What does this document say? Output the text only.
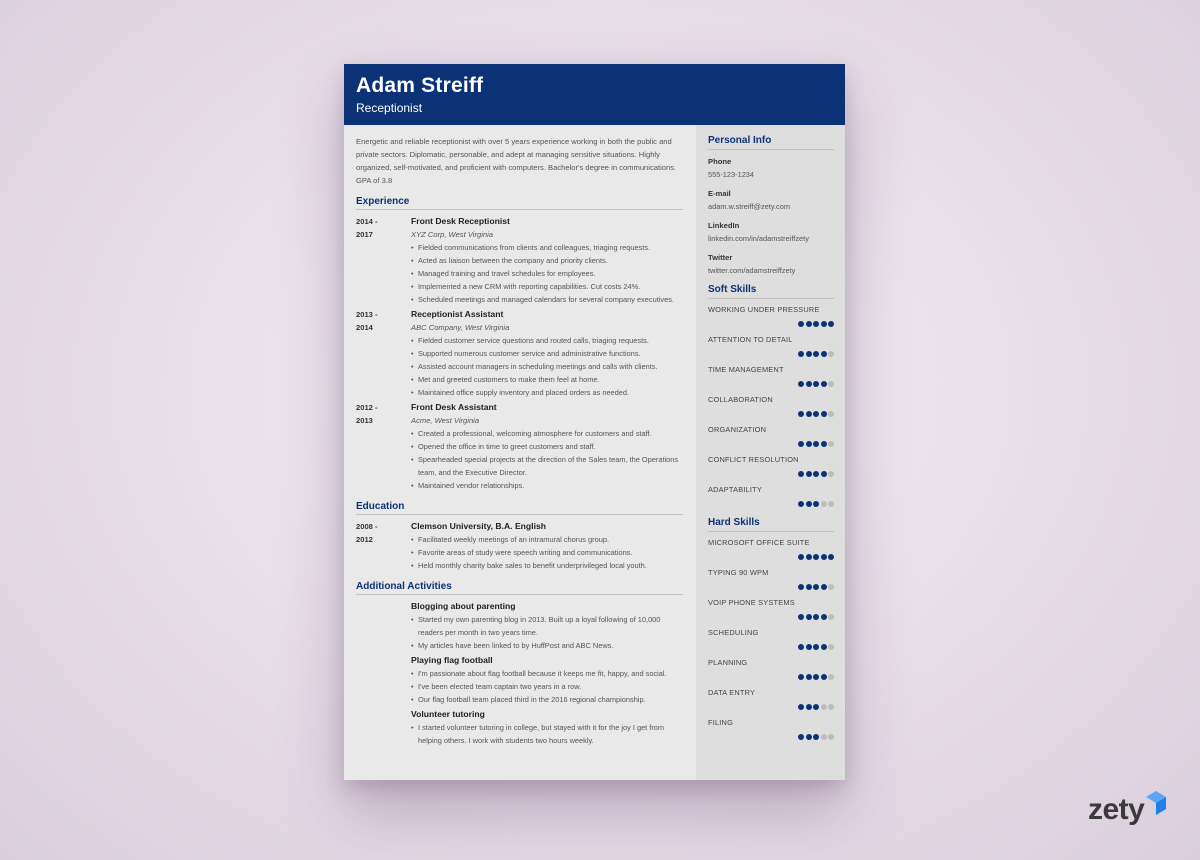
Adam Streiff
Receptionist

Energetic and reliable receptionist with over 5 years experience working in both the public and private sectors. Diplomatic, personable, and adept at managing sensitive situations. Highly organized, self-motivated, and proficient with computers. Bachelor's degree in communications. GPA of 3.8

Experience
2014 -
2017
Front Desk Receptionist
XYZ Corp, West Virginia
• Fielded communications from clients and colleagues, triaging requests.
• Acted as liaison between the company and priority clients.
• Managed training and travel schedules for employees.
• Implemented a new CRM with reporting capabilities. Cut costs 24%.
• Scheduled meetings and managed calendars for several company executives.
2013 -
2014
Receptionist Assistant
ABC Company, West Virginia
• Fielded customer service questions and routed calls, triaging requests.
• Supported numerous customer service and administrative functions.
• Assisted account managers in scheduling meetings and calls with clients.
• Met and greeted customers to make them feel at home.
• Maintained office supply inventory and placed orders as needed.
2012 -
2013
Front Desk Assistant
Acme, West Virginia
• Created a professional, welcoming atmosphere for customers and staff.
• Opened the office in time to greet customers and staff.
• Spearheaded special projects at the direction of the Sales team, the Operations team, and the Executive Director.
• Maintained vendor relationships.
Education
2008 -
2012
Clemson University, B.A. English
• Facilitated weekly meetings of an intramural chorus group.
• Favorite areas of study were speech writing and communications.
• Held monthly charity bake sales to benefit underprivileged local youth.
Additional Activities
Blogging about parenting
• Started my own parenting blog in 2013. Built up a loyal following of 10,000 readers per month in two years time.
• My articles have been linked to by HuffPost and ABC News.
Playing flag football
• I'm passionate about flag football because it keeps me fit, happy, and social.
• I've been elected team captain two years in a row.
• Our flag football team placed third in the 2016 regional championship.
Volunteer tutoring
• I started volunteer tutoring in college, but stayed with it for the joy I get from helping others. I work with students two hours weekly.
Personal Info
Phone
555-123-1234
E-mail
adam.w.streiff@zety.com
LinkedIn
linkedin.com/in/adamstreiffzety
Twitter
twitter.com/adamstreiffzety
Soft Skills
WORKING UNDER PRESSURE
ATTENTION TO DETAIL
TIME MANAGEMENT
COLLABORATION
ORGANIZATION
CONFLICT RESOLUTION
ADAPTABILITY
Hard Skills
MICROSOFT OFFICE SUITE
TYPING 90 WPM
VOIP PHONE SYSTEMS
SCHEDULING
PLANNING
DATA ENTRY
FILING
zety
